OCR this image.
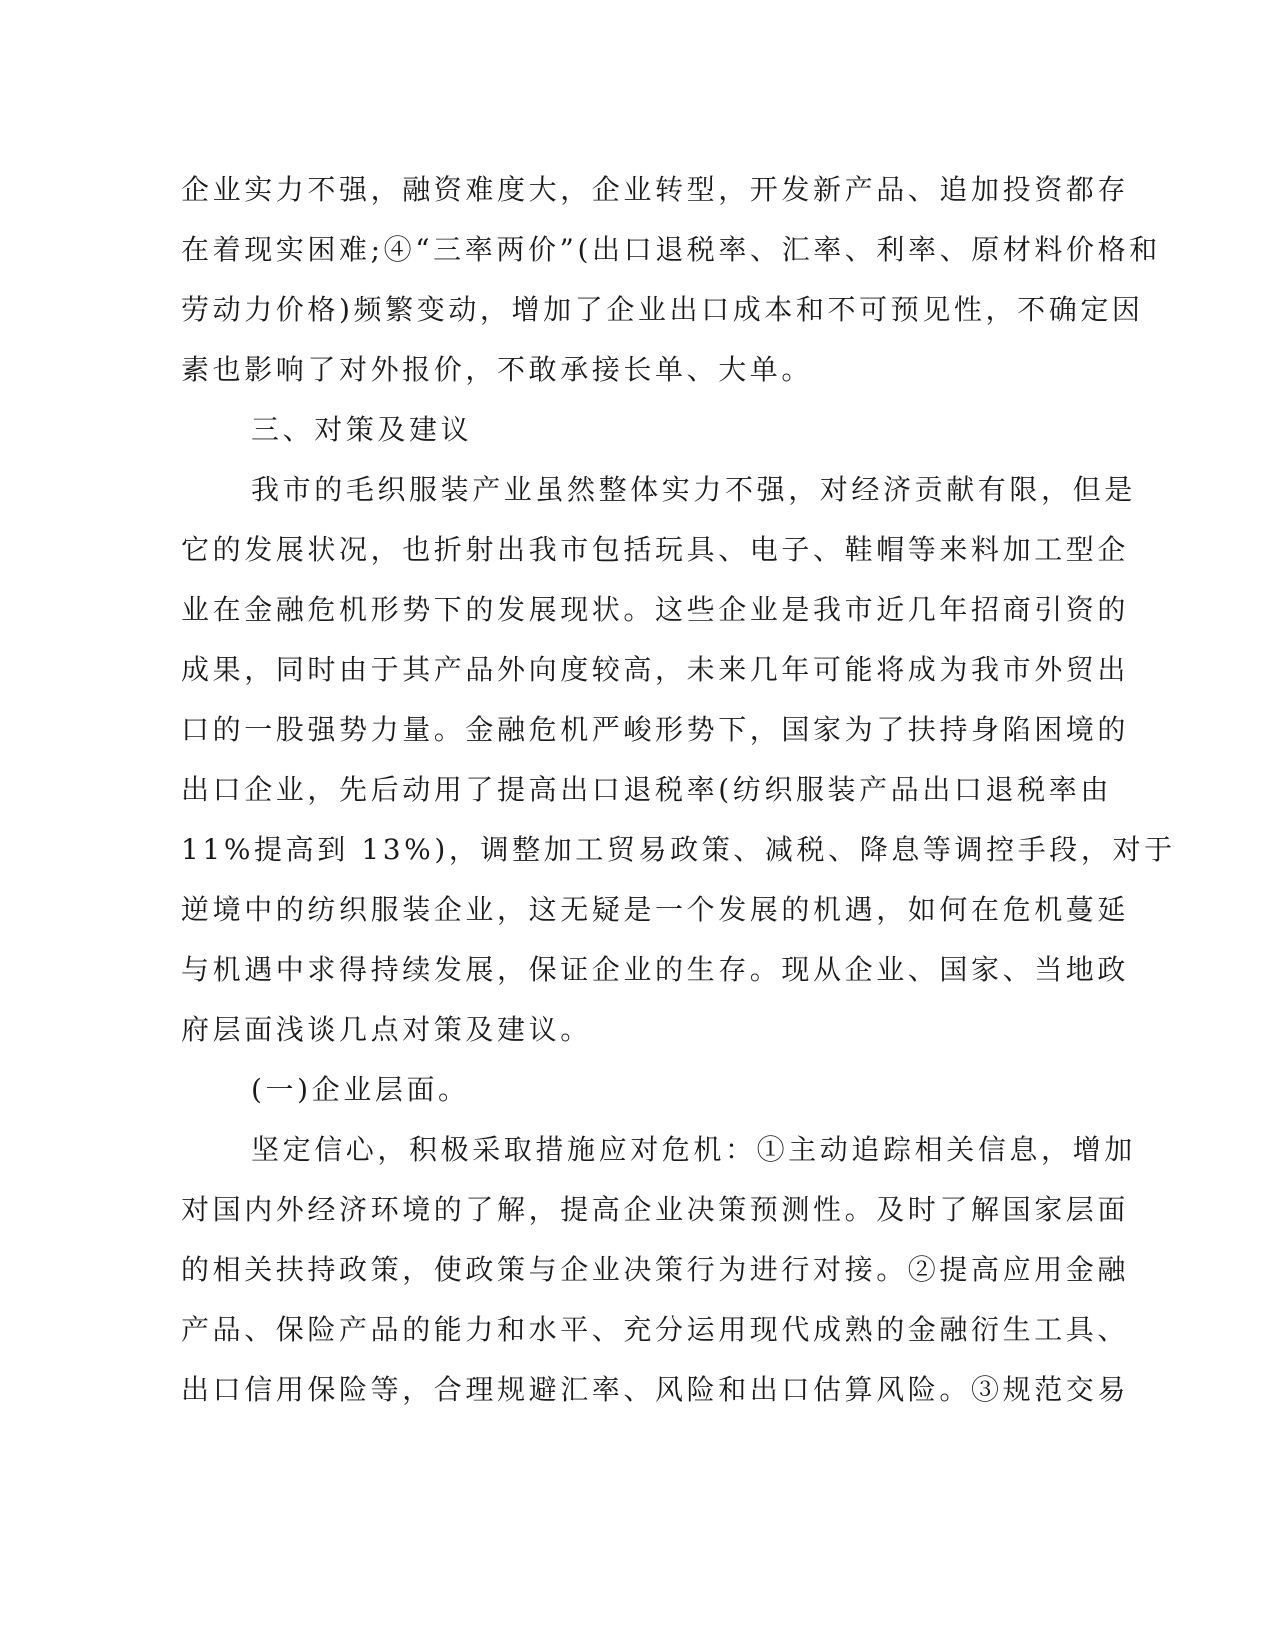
企业实力不强，融资难度大，企业转型，开发新产品、追加投资都存
在着现实困难;④“三率两价”(出口退税率、汇率、利率、原材料价格和
劳动力价格)频繁变动，增加了企业出口成本和不可预见性，不确定因
素也影响了对外报价，不敢承接长单、大单。
三、对策及建议
我市的毛织服装产业虽然整体实力不强，对经济贡献有限，但是
它的发展状况，也折射出我市包括玩具、电子、鞋帽等来料加工型企
业在金融危机形势下的发展现状。这些企业是我市近几年招商引资的
成果，同时由于其产品外向度较高，未来几年可能将成为我市外贸出
口的一股强势力量。金融危机严峻形势下，国家为了扶持身陷困境的
出口企业，先后动用了提高出口退税率(纺织服装产品出口退税率由
11%提高到 13%)，调整加工贸易政策、减税、降息等调控手段，对于
逆境中的纺织服装企业，这无疑是一个发展的机遇，如何在危机蔓延
与机遇中求得持续发展，保证企业的生存。现从企业、国家、当地政
府层面浅谈几点对策及建议。
(一)企业层面。
坚定信心，积极采取措施应对危机：①主动追踪相关信息，增加
对国内外经济环境的了解，提高企业决策预测性。及时了解国家层面
的相关扶持政策，使政策与企业决策行为进行对接。②提高应用金融
产品、保险产品的能力和水平、充分运用现代成熟的金融衍生工具、
出口信用保险等，合理规避汇率、风险和出口估算风险。③规范交易
